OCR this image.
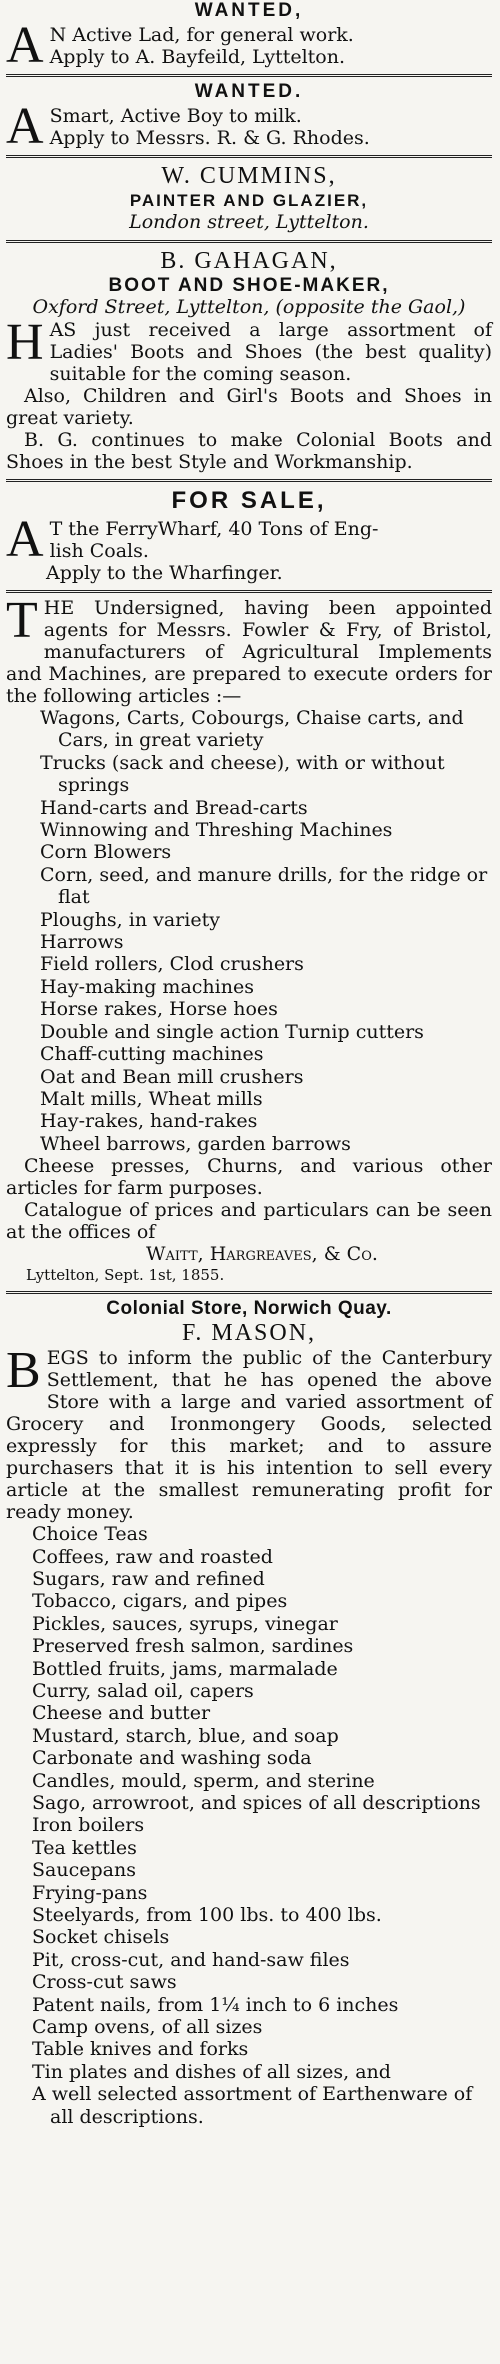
WANTED,
A N Active Lad, for general work.
Apply to A. Bayfeild, Lyttelton.
WANTED.
A Smart, Active Boy to milk.
Apply to Messrs. R. & G. Rhodes.
W. CUMMINS,
PAINTER AND GLAZIER,
London street, Lyttelton.
B. GAHAGAN,
BOOT AND SHOE-MAKER,
Oxford Street, Lyttelton, (opposite the Gaol,)
H AS just received a large assortment of Ladies' Boots and Shoes (the best quality) suitable for the coming season.
Also, Children and Girl's Boots and Shoes in great variety.
B. G. continues to make Colonial Boots and Shoes in the best Style and Workmanship.
FOR SALE,
A T the FerryWharf, 40 Tons of Eng-
lish Coals.
Apply to the Wharfinger.
T HE Undersigned, having been appointed agents for Messrs. Fowler & Fry, of Bristol, manufacturers of Agricultural Implements and Machines, are prepared to execute orders for the following articles :—
Wagons, Carts, Cobourgs, Chaise carts, and Cars, in great variety
Trucks (sack and cheese), with or without springs
Hand-carts and Bread-carts
Winnowing and Threshing Machines
Corn Blowers
Corn, seed, and manure drills, for the ridge or flat
Ploughs, in variety
Harrows
Field rollers, Clod crushers
Hay-making machines
Horse rakes, Horse hoes
Double and single action Turnip cutters
Chaff-cutting machines
Oat and Bean mill crushers
Malt mills, Wheat mills
Hay-rakes, hand-rakes
Wheel barrows, garden barrows
Cheese presses, Churns, and various other articles for farm purposes.
Catalogue of prices and particulars can be seen at the offices of
Waitt, Hargreaves, & Co.
Lyttelton, Sept. 1st, 1855.
Colonial Store, Norwich Quay.
F. MASON,
B EGS to inform the public of the Canterbury Settlement, that he has opened the above Store with a large and varied assortment of Grocery and Ironmongery Goods, selected expressly for this market; and to assure purchasers that it is his intention to sell every article at the smallest remunerating profit for ready money.
Choice Teas
Coffees, raw and roasted
Sugars, raw and refined
Tobacco, cigars, and pipes
Pickles, sauces, syrups, vinegar
Preserved fresh salmon, sardines
Bottled fruits, jams, marmalade
Curry, salad oil, capers
Cheese and butter
Mustard, starch, blue, and soap
Carbonate and washing soda
Candles, mould, sperm, and sterine
Sago, arrowroot, and spices of all descriptions
Iron boilers
Tea kettles
Saucepans
Frying-pans
Steelyards, from 100 lbs. to 400 lbs.
Socket chisels
Pit, cross-cut, and hand-saw files
Cross-cut saws
Patent nails, from 1¼ inch to 6 inches
Camp ovens, of all sizes
Table knives and forks
Tin plates and dishes of all sizes, and
A well selected assortment of Earthenware of all descriptions.
